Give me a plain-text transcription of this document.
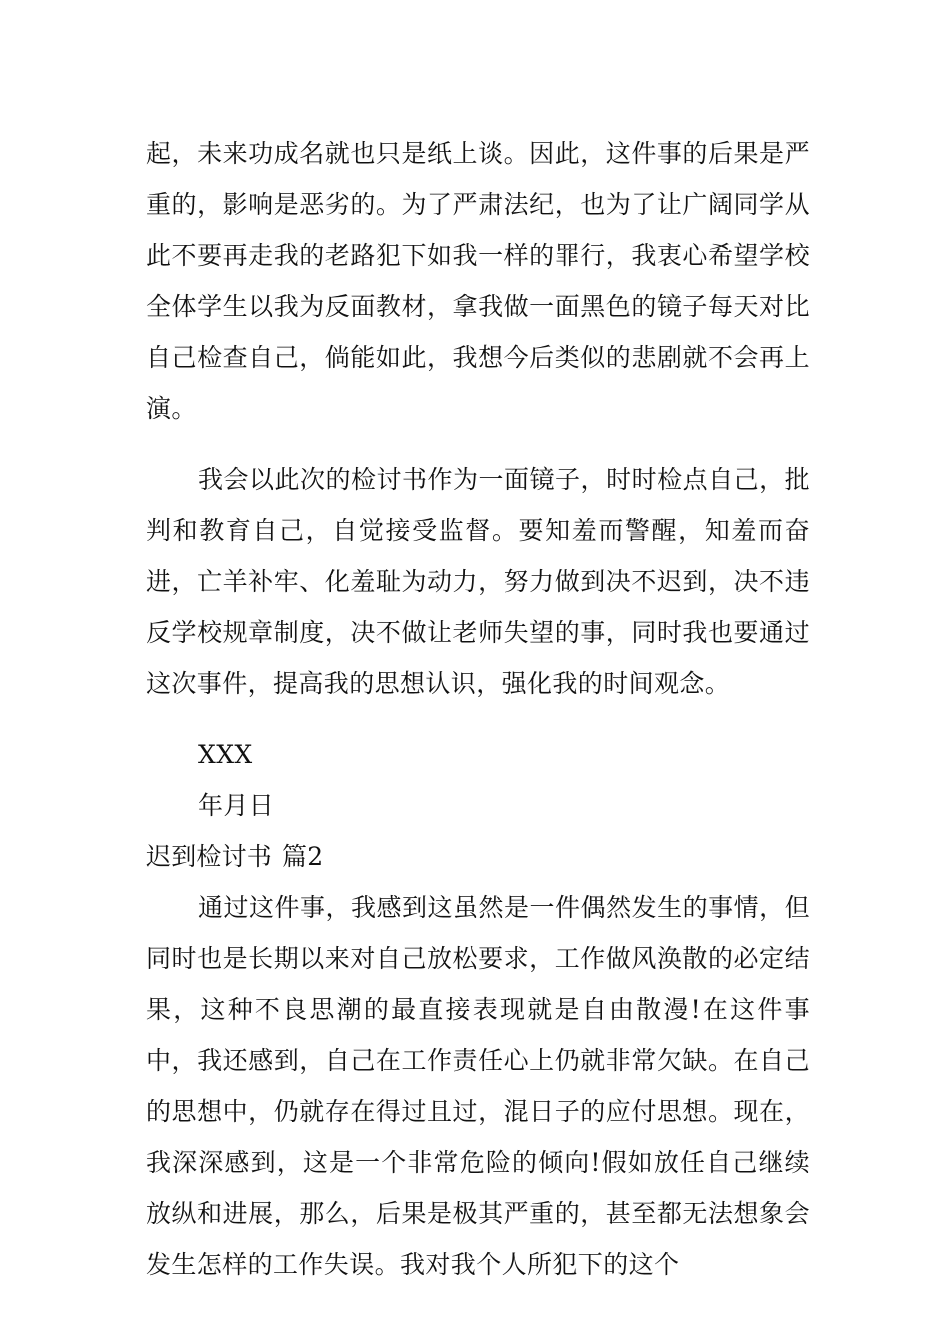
起，未来功成名就也只是纸上谈。因此，这件事的后果是严重的，影响是恶劣的。为了严肃法纪，也为了让广阔同学从此不要再走我的老路犯下如我一样的罪行，我衷心希望学校全体学生以我为反面教材，拿我做一面黑色的镜子每天对比自己检查自己，倘能如此，我想今后类似的悲剧就不会再上演。

我会以此次的检讨书作为一面镜子，时时检点自己，批判和教育自己，自觉接受监督。要知羞而警醒，知羞而奋进，亡羊补牢、化羞耻为动力，努力做到决不迟到，决不违反学校规章制度，决不做让老师失望的事，同时我也要通过这次事件，提高我的思想认识，强化我的时间观念。

XXX

年月日

迟到检讨书 篇2

通过这件事，我感到这虽然是一件偶然发生的事情，但同时也是长期以来对自己放松要求，工作做风涣散的必定结果，这种不良思潮的最直接表现就是自由散漫!在这件事中，我还感到，自己在工作责任心上仍就非常欠缺。在自己的思想中，仍就存在得过且过，混日子的应付思想。现在，我深深感到，这是一个非常危险的倾向!假如放任自己继续放纵和进展，那么，后果是极其严重的，甚至都无法想象会发生怎样的工作失误。我对我个人所犯下的这个
